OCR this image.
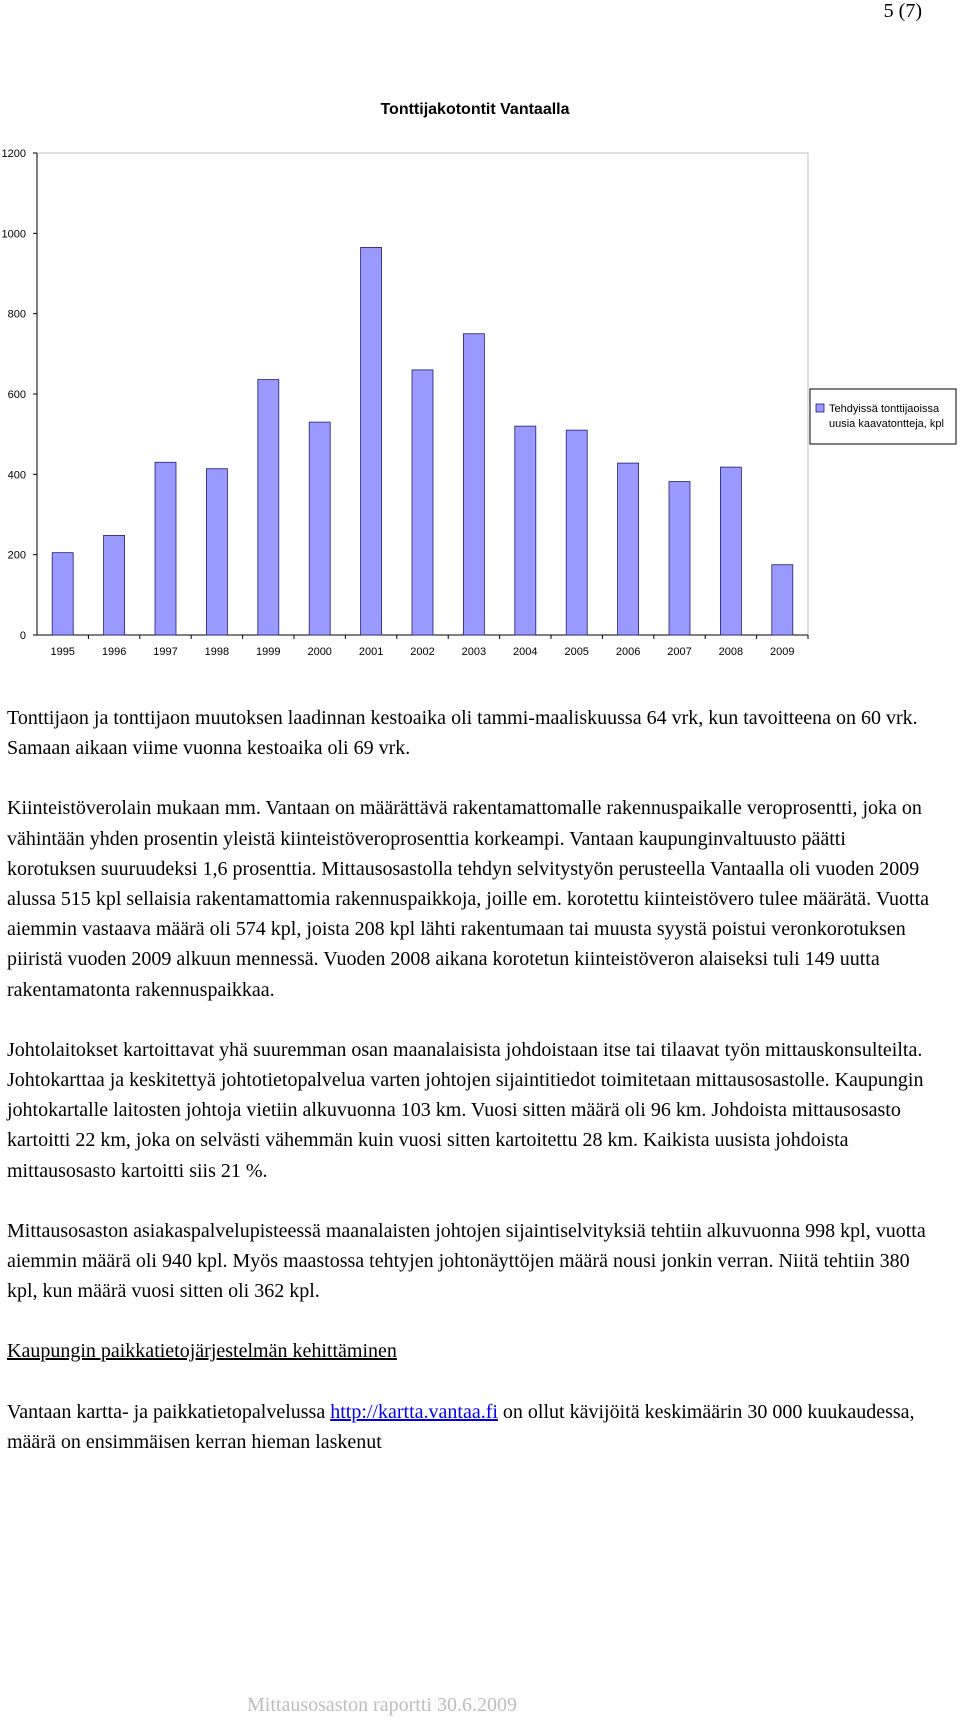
5 (7)
Tonttijakotontit Vantaalla
0
200
400
600
800
1000
1200
1995 1996 1997 1998 1999 2000 2001 2002 2003 2004 2005 2006 2007 2008 2009
Tehdyissä tonttijaoissa
uusia kaavatontteja, kpl

Tonttijaon ja tonttijaon muutoksen laadinnan kestoaika oli tammi-maaliskuussa 64 vrk, kun tavoitteena on 60 vrk. Samaan aikaan viime vuonna kestoaika oli 69 vrk.

Kiinteistöverolain mukaan mm. Vantaan on määrättävä rakentamattomalle rakennuspaikalle veroprosentti, joka on vähintään yhden prosentin yleistä kiinteistöveroprosenttia korkeampi. Vantaan kaupunginvaltuusto päätti korotuksen suuruudeksi 1,6 prosenttia. Mittausosastolla tehdyn selvitystyön perusteella Vantaalla oli vuoden 2009 alussa 515 kpl sellaisia rakentamattomia rakennuspaikkoja, joille em. korotettu kiinteistövero tulee määrätä. Vuotta aiemmin vastaava määrä oli 574 kpl, joista 208 kpl lähti rakentumaan tai muusta syystä poistui veronkorotuksen piiristä vuoden 2009 alkuun mennessä. Vuoden 2008 aikana korotetun kiinteistöveron alaiseksi tuli 149 uutta rakentamatonta rakennuspaikkaa.

Johtolaitokset kartoittavat yhä suuremman osan maanalaisista johdoistaan itse tai tilaavat työn mittauskonsulteilta. Johtokarttaa ja keskitettyä johtotietopalvelua varten johtojen sijaintitiedot toimitetaan mittausosastolle. Kaupungin johtokartalle laitosten johtoja vietiin alkuvuonna 103 km. Vuosi sitten määrä oli 96 km. Johdoista mittausosasto kartoitti 22 km, joka on selvästi vähemmän kuin vuosi sitten kartoitettu 28 km. Kaikista uusista johdoista mittausosasto kartoitti siis 21 %.

Mittausosaston asiakaspalvelupisteessä maanalaisten johtojen sijaintiselvityksiä tehtiin alkuvuonna 998 kpl, vuotta aiemmin määrä oli 940 kpl. Myös maastossa tehtyjen johtonäyttöjen määrä nousi jonkin verran. Niitä tehtiin 380 kpl, kun määrä vuosi sitten oli 362 kpl.

Kaupungin paikkatietojärjestelmän kehittäminen

Vantaan kartta- ja paikkatietopalvelussa http://kartta.vantaa.fi on ollut kävijöitä keskimäärin 30 000 kuukaudessa, määrä on ensimmäisen kerran hieman laskenut

Mittausosaston raportti 30.6.2009
